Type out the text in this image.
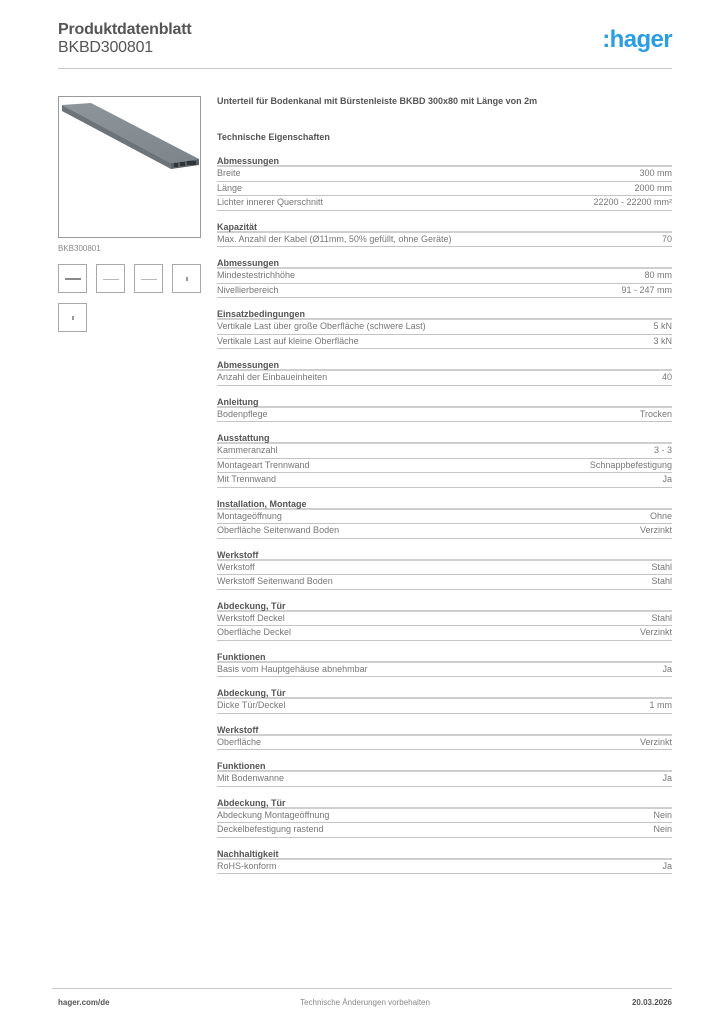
Produktdatenblatt
BKBD300801	:hager
BKB300801
Unterteil für Bodenkanal mit Bürstenleiste BKBD 300x80 mit Länge von 2m
Technische Eigenschaften
Abmessungen
Breite	300 mm
Länge	2000 mm
Lichter innerer Querschnitt	22200 - 22200 mm²
Kapazität
Max. Anzahl der Kabel (Ø11mm, 50% gefüllt, ohne Geräte)	70
Abmessungen
Mindestestrichhöhe	80 mm
Nivellierbereich	91 - 247 mm
Einsatzbedingungen
Vertikale Last über große Oberfläche (schwere Last)	5 kN
Vertikale Last auf kleine Oberfläche	3 kN
Abmessungen
Anzahl der Einbaueinheiten	40
Anleitung
Bodenpflege	Trocken
Ausstattung
Kammeranzahl	3 - 3
Montageart Trennwand	Schnappbefestigung
Mit Trennwand	Ja
Installation, Montage
Montageöffnung	Ohne
Oberfläche Seitenwand Boden	Verzinkt
Werkstoff
Werkstoff	Stahl
Werkstoff Seitenwand Boden	Stahl
Abdeckung, Tür
Werkstoff Deckel	Stahl
Oberfläche Deckel	Verzinkt
Funktionen
Basis vom Hauptgehäuse abnehmbar	Ja
Abdeckung, Tür
Dicke Tür/Deckel	1 mm
Werkstoff
Oberfläche	Verzinkt
Funktionen
Mit Bodenwanne	Ja
Abdeckung, Tür
Abdeckung Montageöffnung	Nein
Deckelbefestigung rastend	Nein
Nachhaltigkeit
RoHS-konform	Ja
Technische Änderungen vorbehalten
hager.com/de	20.03.2026
